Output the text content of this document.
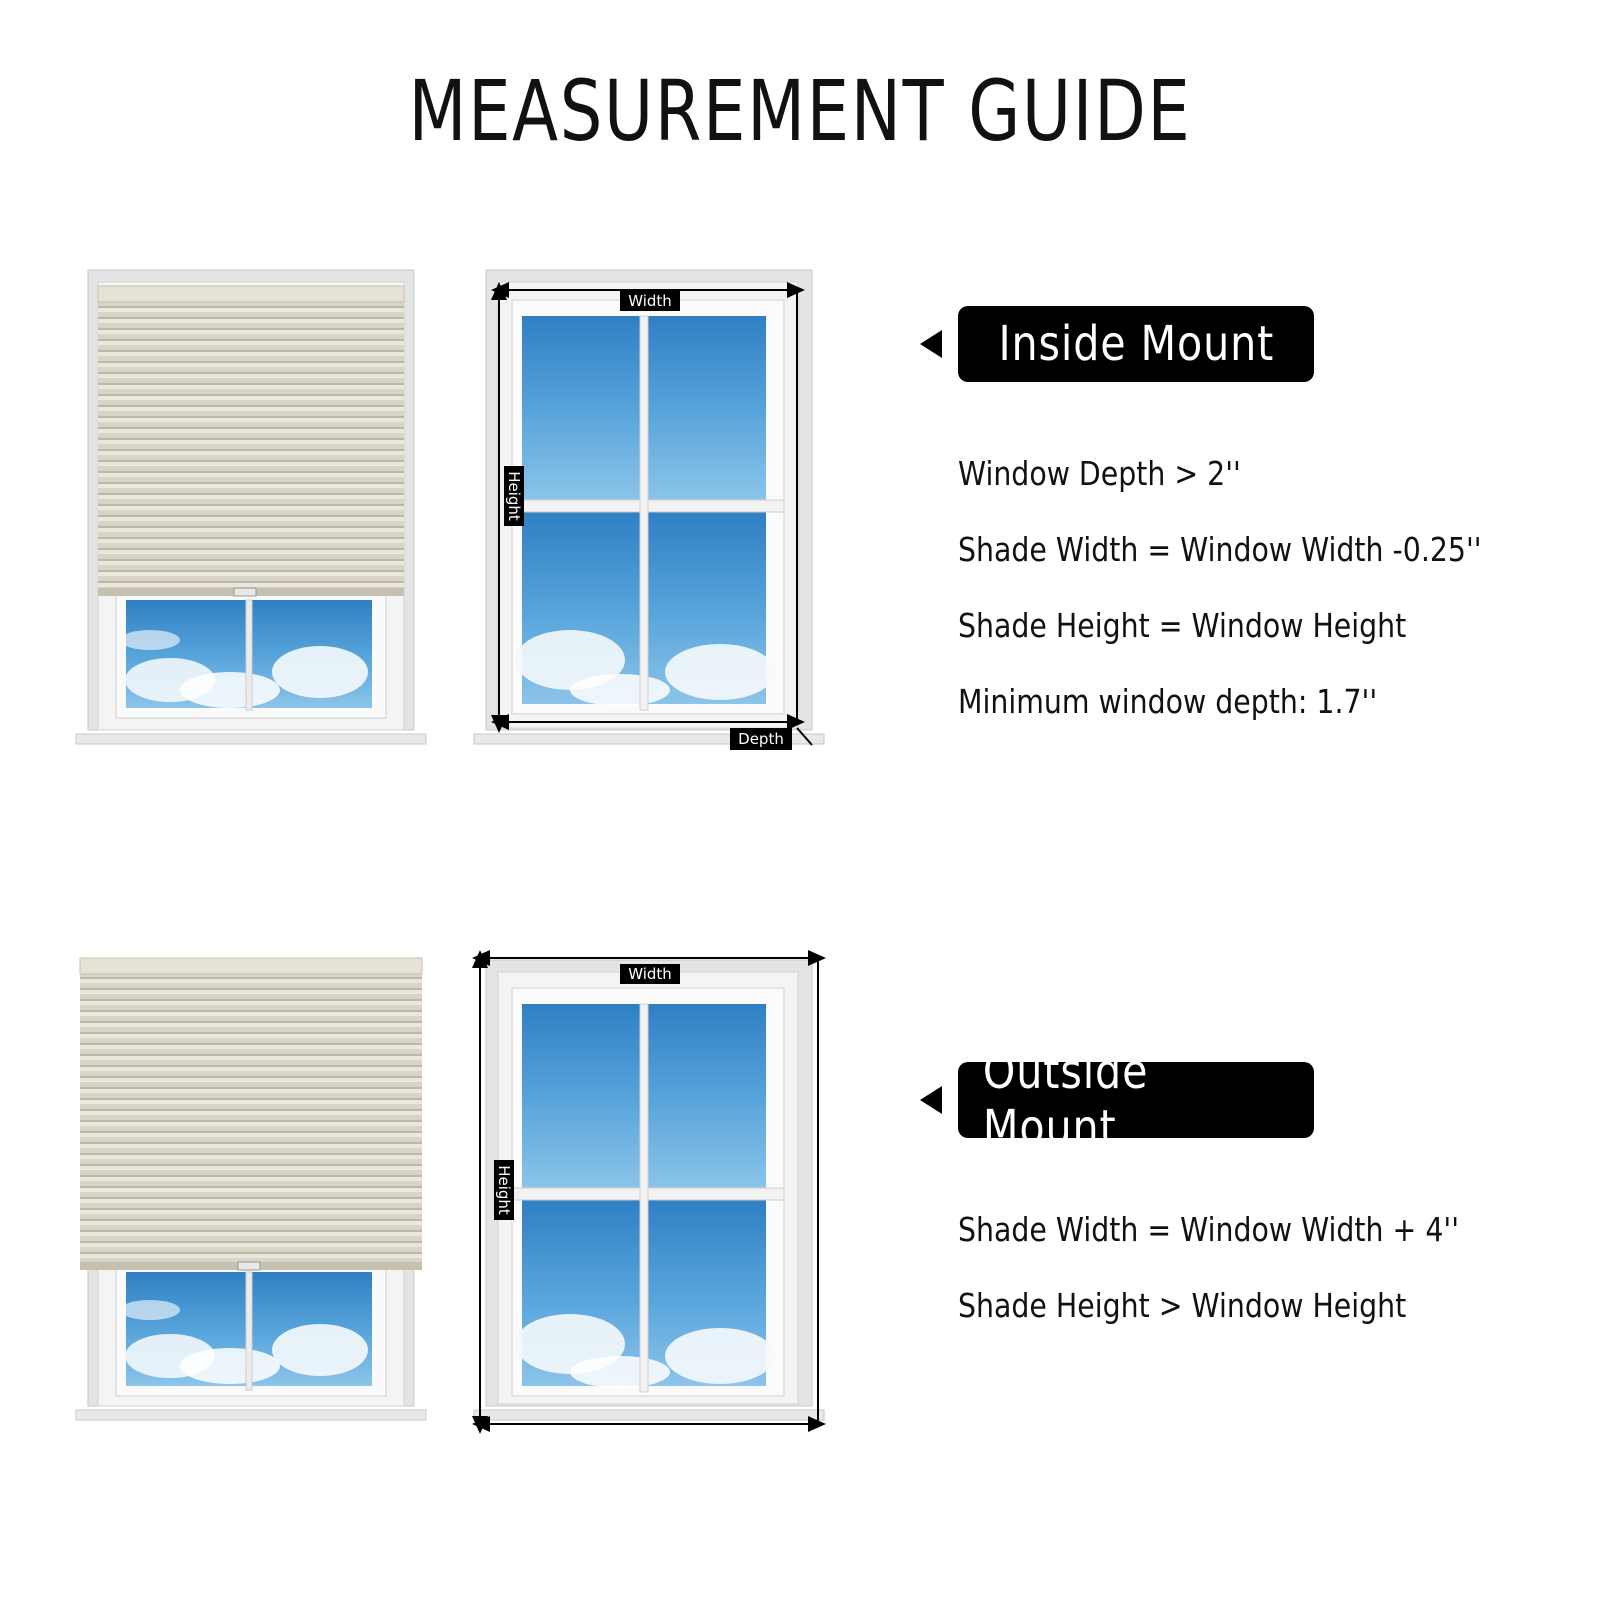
MEASUREMENT GUIDE
Width
Height
Depth
Width
Height
Inside Mount
Window Depth > 2''
Shade Width = Window Width -0.25''
Shade Height = Window Height
Minimum window depth: 1.7''
Outside Mount
Shade Width = Window Width + 4''
Shade Height > Window Height
